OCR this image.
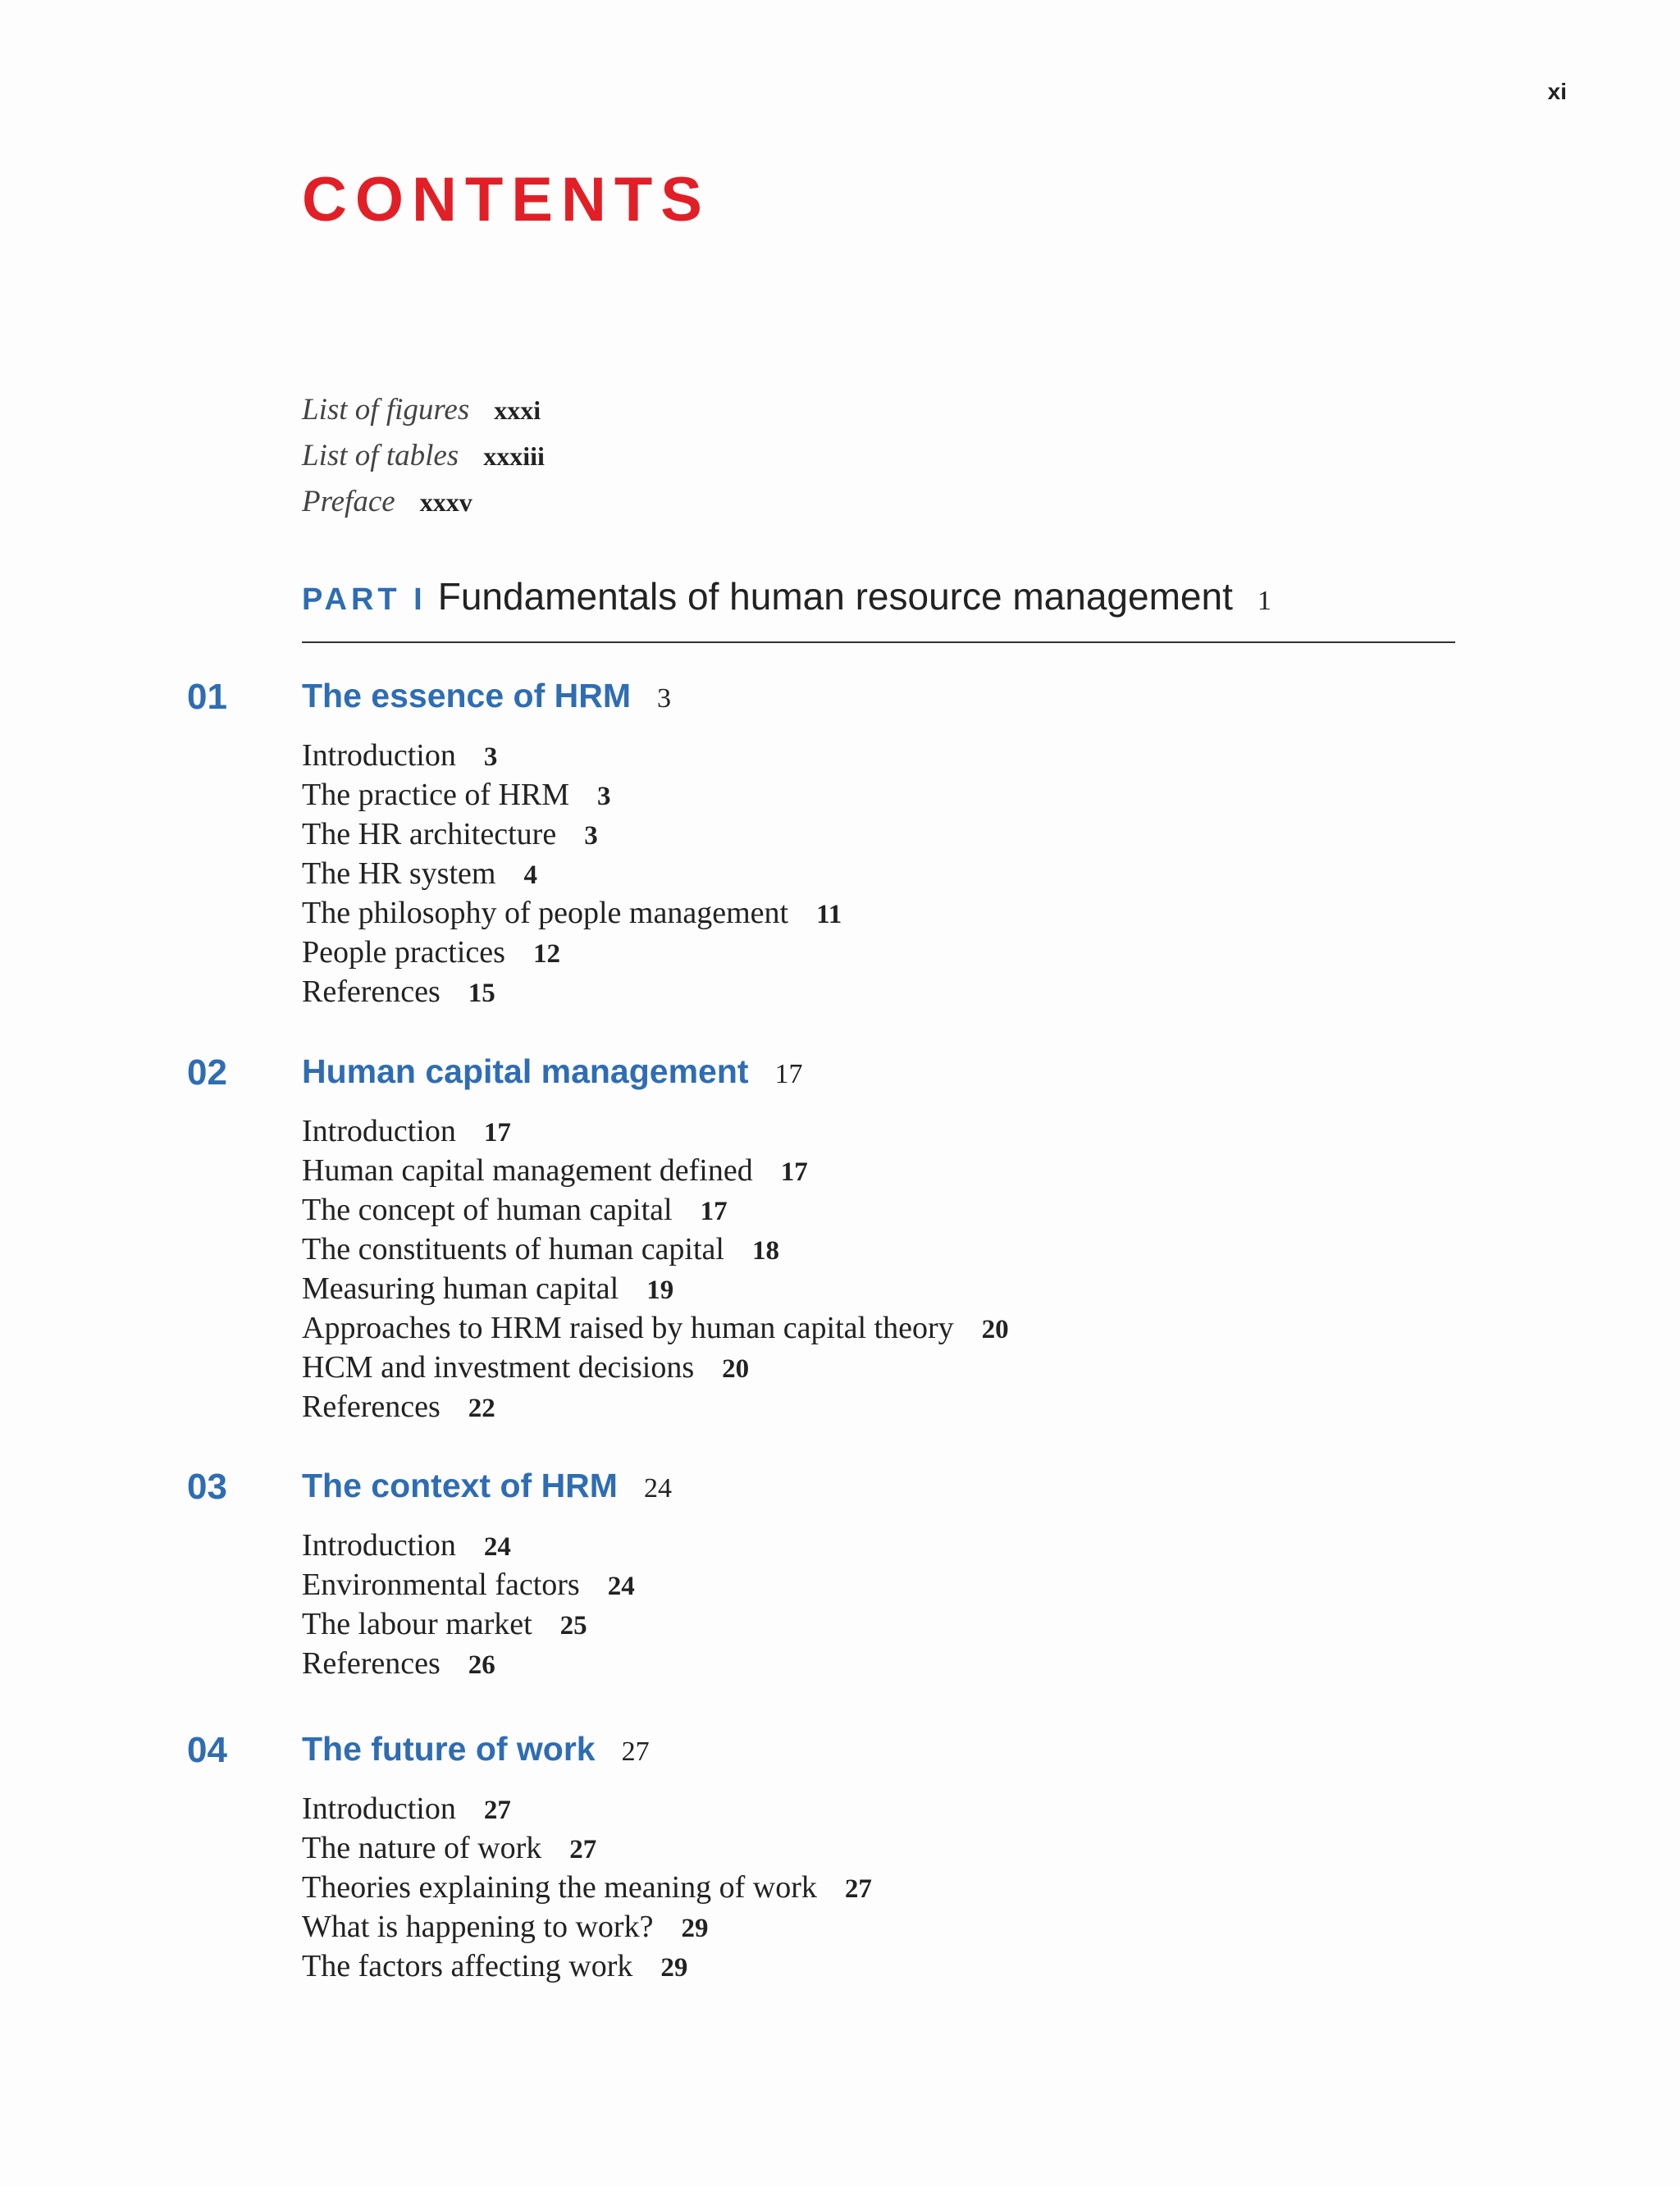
xi
CONTENTS
List of figures xxxi
List of tables xxxiii
Preface xxxv
PART I Fundamentals of human resource management 1
01 The essence of HRM 3
Introduction 3
The practice of HRM 3
The HR architecture 3
The HR system 4
The philosophy of people management 11
People practices 12
References 15
02 Human capital management 17
Introduction 17
Human capital management defined 17
The concept of human capital 17
The constituents of human capital 18
Measuring human capital 19
Approaches to HRM raised by human capital theory 20
HCM and investment decisions 20
References 22
03 The context of HRM 24
Introduction 24
Environmental factors 24
The labour market 25
References 26
04 The future of work 27
Introduction 27
The nature of work 27
Theories explaining the meaning of work 27
What is happening to work? 29
The factors affecting work 29
